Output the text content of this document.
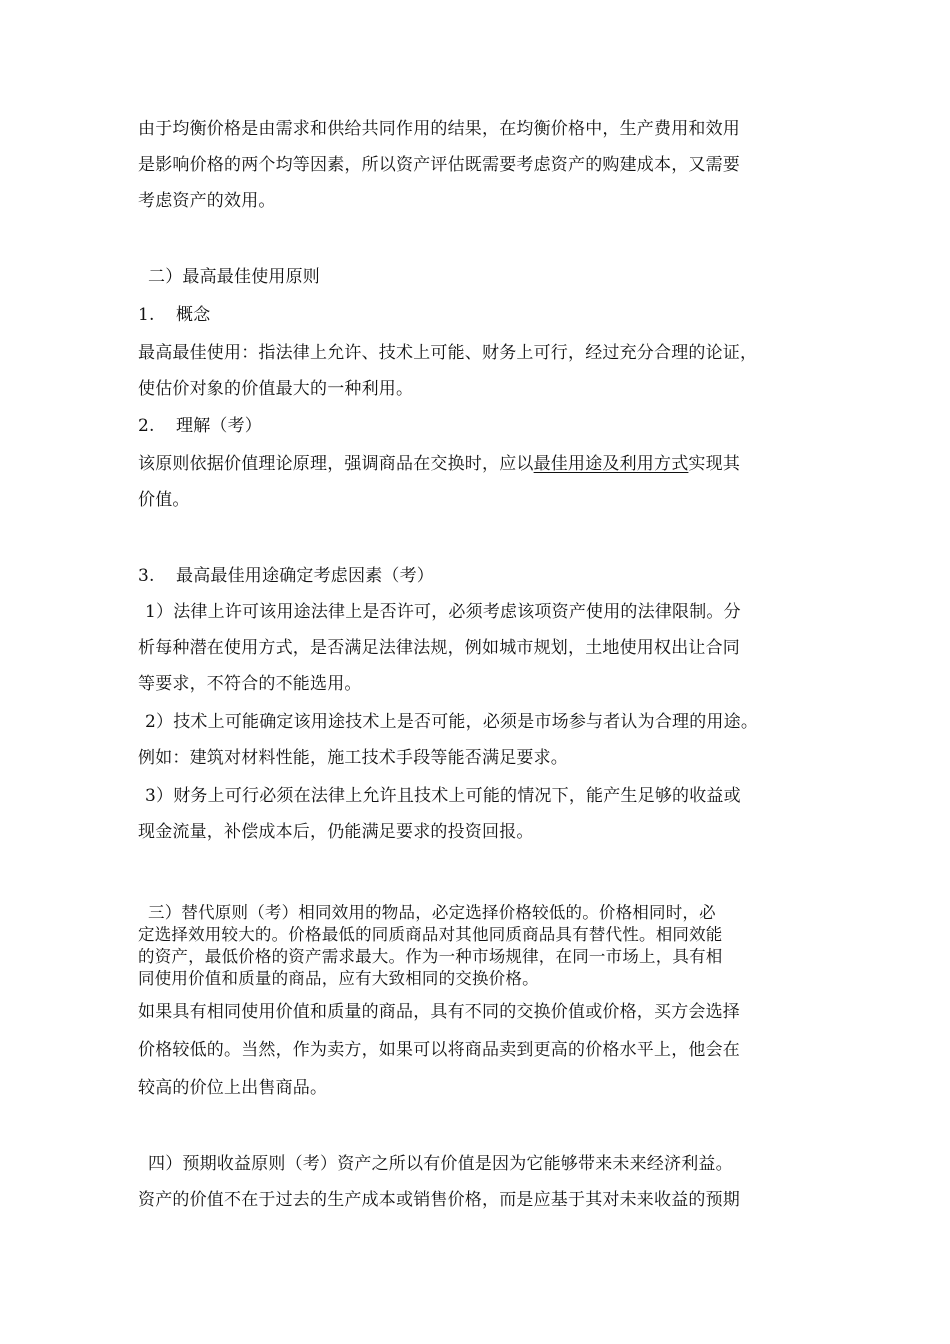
由于均衡价格是由需求和供给共同作用的结果，在均衡价格中，生产费用和效用
是影响价格的两个均等因素，所以资产评估既需要考虑资产的购建成本，又需要
考虑资产的效用。
二）最高最佳使用原则
1. 概念
最高最佳使用：指法律上允许、技术上可能、财务上可行，经过充分合理的论证，
使估价对象的价值最大的一种利用。
2. 理解（考）
该原则依据价值理论原理，强调商品在交换时，应以最佳用途及利用方式实现其
价值。
3. 最高最佳用途确定考虑因素（考）
1）法律上许可该用途法律上是否许可，必须考虑该项资产使用的法律限制。分
析每种潜在使用方式，是否满足法律法规，例如城市规划，土地使用权出让合同
等要求，不符合的不能选用。
2）技术上可能确定该用途技术上是否可能，必须是市场参与者认为合理的用途。
例如：建筑对材料性能，施工技术手段等能否满足要求。
3）财务上可行必须在法律上允许且技术上可能的情况下，能产生足够的收益或
现金流量，补偿成本后，仍能满足要求的投资回报。
三）替代原则（考）相同效用的物品，必定选择价格较低的。价格相同时，必
定选择效用较大的。价格最低的同质商品对其他同质商品具有替代性。相同效能
的资产，最低价格的资产需求最大。作为一种市场规律，在同一市场上，具有相
同使用价值和质量的商品，应有大致相同的交换价格。
如果具有相同使用价值和质量的商品，具有不同的交换价值或价格，买方会选择
价格较低的。当然，作为卖方，如果可以将商品卖到更高的价格水平上，他会在
较高的价位上出售商品。
四）预期收益原则（考）资产之所以有价值是因为它能够带来未来经济利益。
资产的价值不在于过去的生产成本或销售价格，而是应基于其对未来收益的预期
